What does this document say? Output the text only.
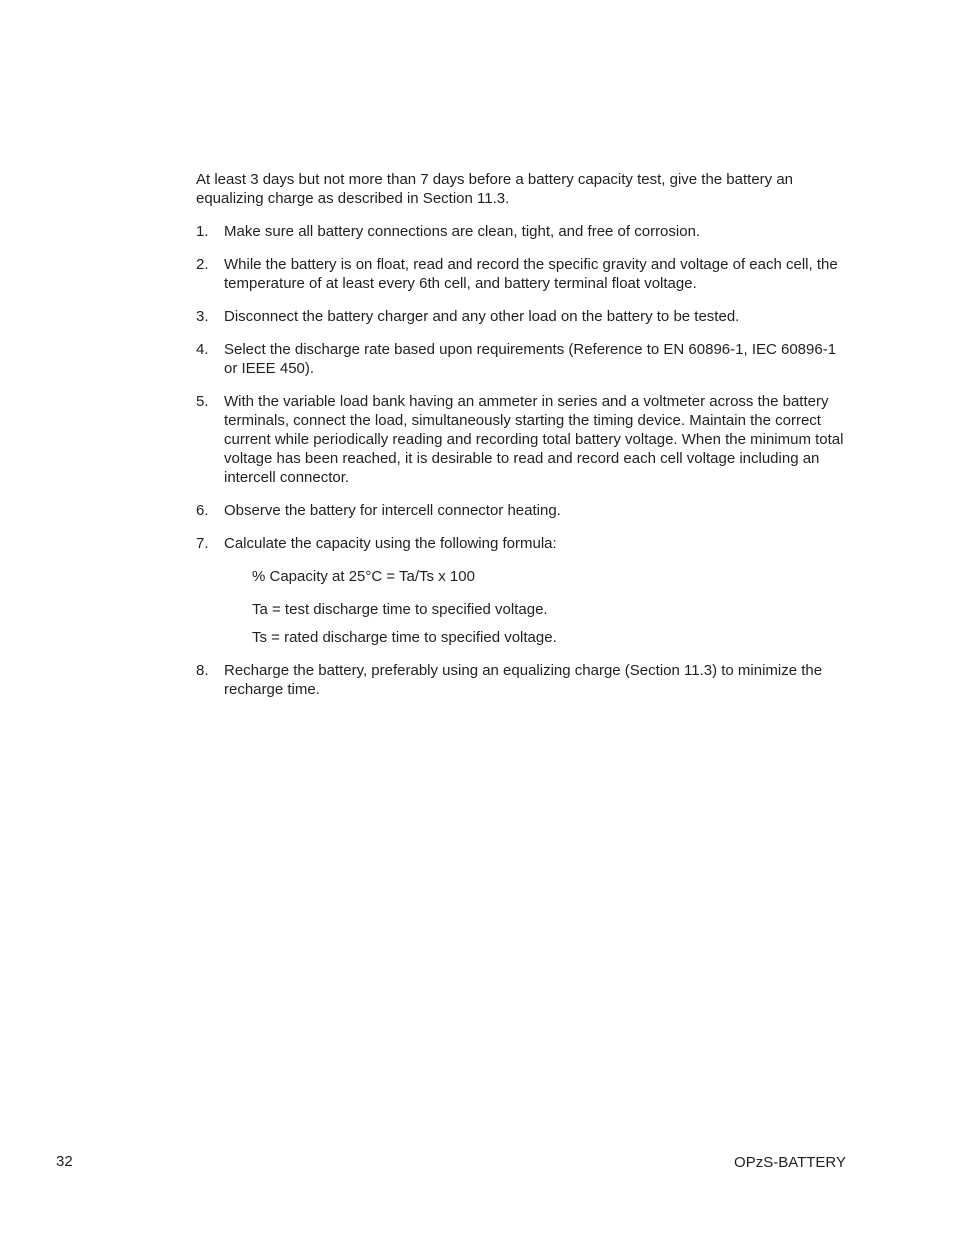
At least 3 days but not more than 7 days before a battery capacity test, give the battery an equalizing charge as described in Section 11.3.

1.	Make sure all battery connections are clean, tight, and free of corrosion.
2.	While the battery is on float, read and record the specific gravity and voltage of each cell, the temperature of at least every 6th cell, and battery terminal float voltage.
3.	Disconnect the battery charger and any other load on the battery to be tested.
4.	Select the discharge rate based upon requirements (Reference to EN 60896-1, IEC 60896-1 or IEEE 450).
5.	With the variable load bank having an ammeter in series and a voltmeter across the battery terminals, connect the load, simultaneously starting the timing device. Maintain the correct current while periodically reading and recording total battery voltage. When the minimum total voltage has been reached, it is desirable to read and record each cell voltage including an intercell connector.
6.	Observe the battery for intercell connector heating.
7.	Calculate the capacity using the following formula:
% Capacity at 25°C = Ta/Ts x 100
Ta = test discharge time to specified voltage.
Ts = rated discharge time to specified voltage.
8.	Recharge the battery, preferably using an equalizing charge (Section 11.3) to minimize the recharge time.
32	OPzS-BATTERY
